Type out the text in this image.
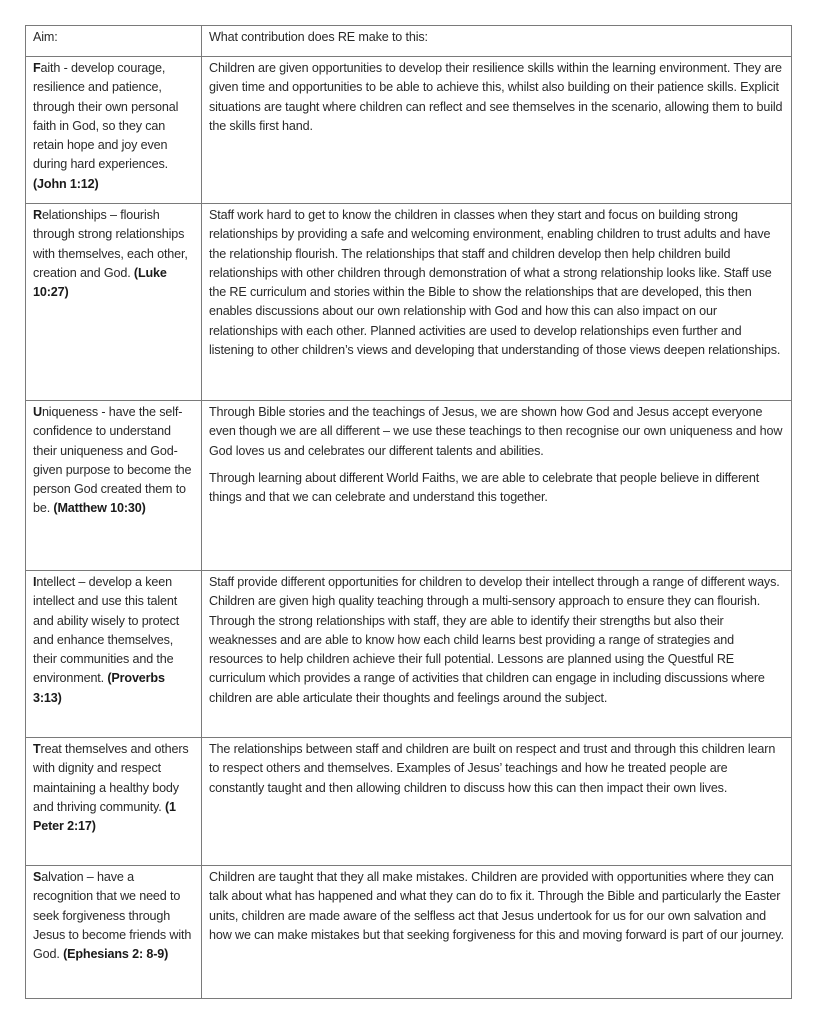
Aim:	What contribution does RE make to this:
Faith - develop courage, resilience and patience, through their own personal faith in God, so they can retain hope and joy even during hard experiences. (John 1:12)	Children are given opportunities to develop their resilience skills within the learning environment. They are given time and opportunities to be able to achieve this, whilst also building on their patience skills. Explicit situations are taught where children can reflect and see themselves in the scenario, allowing them to build the skills first hand.

Relationships – flourish through strong relationships with themselves, each other, creation and God. (Luke 10:27)	Staff work hard to get to know the children in classes when they start and focus on building strong relationships by providing a safe and welcoming environment, enabling children to trust adults and have the relationship flourish. The relationships that staff and children develop then help children build relationships with other children through demonstration of what a strong relationship looks like. Staff use the RE curriculum and stories within the Bible to show the relationships that are developed, this then enables discussions about our own relationship with God and how this can also impact on our relationships with each other. Planned activities are used to develop relationships even further and listening to other children’s views and developing that understanding of those views deepen relationships.

Uniqueness - have the self-confidence to understand their uniqueness and God-given purpose to become the person God created them to be. (Matthew 10:30)	Through Bible stories and the teachings of Jesus, we are shown how God and Jesus accept everyone even though we are all different – we use these teachings to then recognise our own uniqueness and how God loves us and celebrates our different talents and abilities.

Through learning about different World Faiths, we are able to celebrate that people believe in different things and that we can celebrate and understand this together.

Intellect – develop a keen intellect and use this talent and ability wisely to protect and enhance themselves, their communities and the environment. (Proverbs 3:13)	Staff provide different opportunities for children to develop their intellect through a range of different ways. Children are given high quality teaching through a multi-sensory approach to ensure they can flourish. Through the strong relationships with staff, they are able to identify their strengths but also their weaknesses and are able to know how each child learns best providing a range of strategies and resources to help children achieve their full potential. Lessons are planned using the Questful RE curriculum which provides a range of activities that children can engage in including discussions where children are able articulate their thoughts and feelings around the subject.

Treat themselves and others with dignity and respect maintaining a healthy body and thriving community. (1 Peter 2:17)	The relationships between staff and children are built on respect and trust and through this children learn to respect others and themselves. Examples of Jesus’ teachings and how he treated people are constantly taught and then allowing children to discuss how this can then impact their own lives.

Salvation – have a recognition that we need to seek forgiveness through Jesus to become friends with God. (Ephesians 2: 8-9)	Children are taught that they all make mistakes. Children are provided with opportunities where they can talk about what has happened and what they can do to fix it. Through the Bible and particularly the Easter units, children are made aware of the selfless act that Jesus undertook for us for our own salvation and how we can make mistakes but that seeking forgiveness for this and moving forward is part of our journey.
